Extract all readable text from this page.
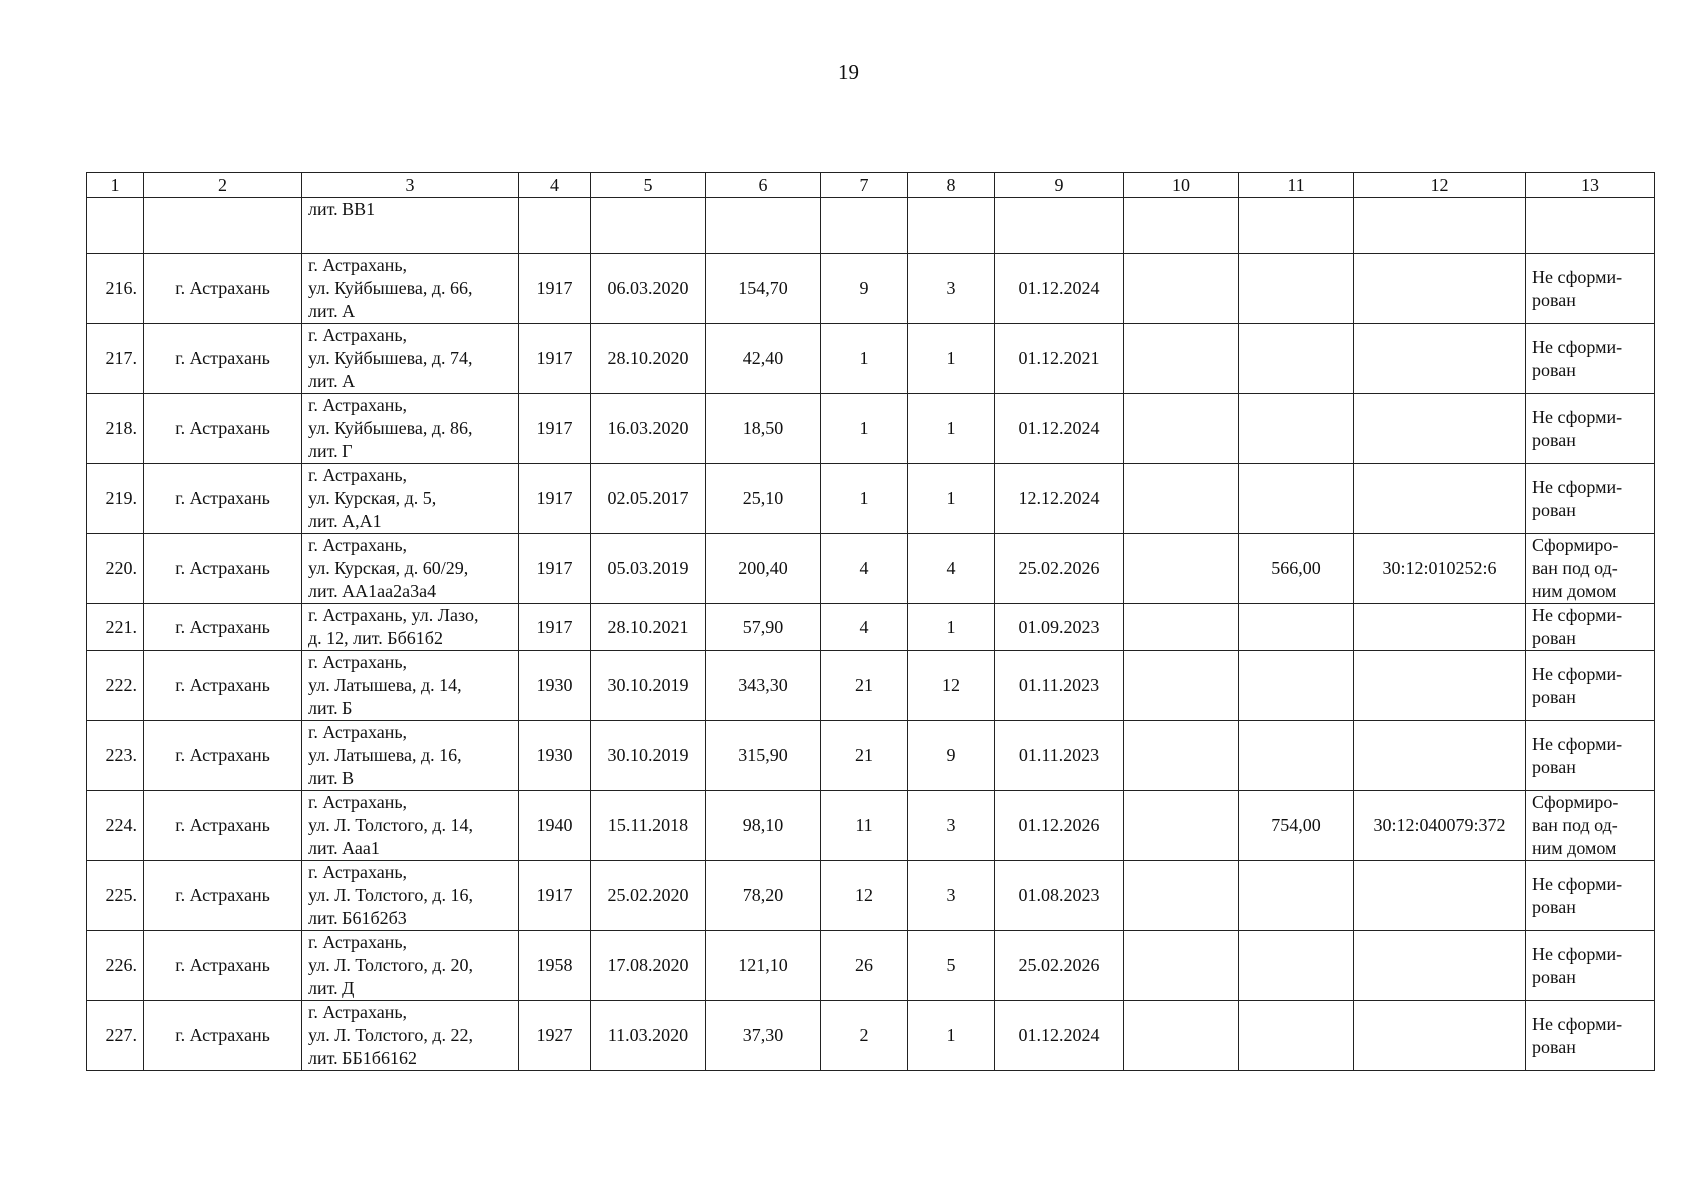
19
1	2	3	4	5	6	7	8	9	10	11	12	13

		лит. ВВ1										

216.	г. Астрахань	г. Астрахань,
ул. Куйбышева, д. 66,
лит. А	1917	06.03.2020	154,70	9	3	01.12.2024				Не сформи-
рован

217.	г. Астрахань	г. Астрахань,
ул. Куйбышева, д. 74,
лит. А	1917	28.10.2020	42,40	1	1	01.12.2021				Не сформи-
рован

218.	г. Астрахань	г. Астрахань,
ул. Куйбышева, д. 86,
лит. Г	1917	16.03.2020	18,50	1	1	01.12.2024				Не сформи-
рован

219.	г. Астрахань	г. Астрахань,
ул. Курская, д. 5,
лит. А,А1	1917	02.05.2017	25,10	1	1	12.12.2024				Не сформи-
рован

220.	г. Астрахань	г. Астрахань,
ул. Курская, д. 60/29,
лит. АА1аа2а3а4	1917	05.03.2019	200,40	4	4	25.02.2026		566,00	30:12:010252:6	Сформиро-
ван под од-
ним домом

221.	г. Астрахань	г. Астрахань, ул. Лазо,
д. 12, лит. Бб61б2	1917	28.10.2021	57,90	4	1	01.09.2023				Не сформи-
рован

222.	г. Астрахань	г. Астрахань,
ул. Латышева, д. 14,
лит. Б	1930	30.10.2019	343,30	21	12	01.11.2023				Не сформи-
рован

223.	г. Астрахань	г. Астрахань,
ул. Латышева, д. 16,
лит. В	1930	30.10.2019	315,90	21	9	01.11.2023				Не сформи-
рован

224.	г. Астрахань	г. Астрахань,
ул. Л. Толстого, д. 14,
лит. Ааа1	1940	15.11.2018	98,10	11	3	01.12.2026		754,00	30:12:040079:372	Сформиро-
ван под од-
ним домом

225.	г. Астрахань	г. Астрахань,
ул. Л. Толстого, д. 16,
лит. Б61б2б3	1917	25.02.2020	78,20	12	3	01.08.2023				Не сформи-
рован

226.	г. Астрахань	г. Астрахань,
ул. Л. Толстого, д. 20,
лит. Д	1958	17.08.2020	121,10	26	5	25.02.2026				Не сформи-
рован

227.	г. Астрахань	г. Астрахань,
ул. Л. Толстого, д. 22,
лит. ББ1б6162	1927	11.03.2020	37,30	2	1	01.12.2024				Не сформи-
рован
